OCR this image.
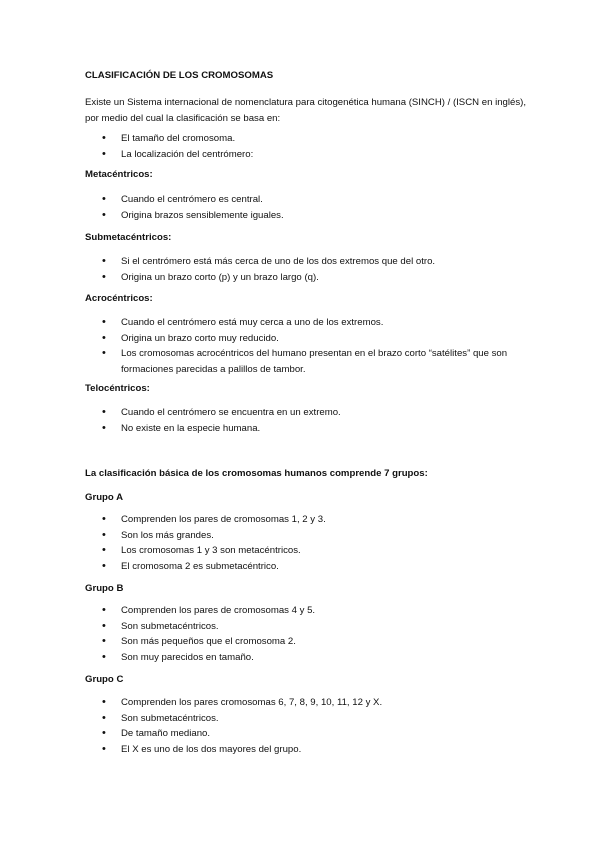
CLASIFICACIÓN DE LOS CROMOSOMAS
Existe un Sistema internacional de nomenclatura para citogenética humana (SINCH) / (ISCN en inglés), por medio del cual la clasificación se basa en:
• El tamaño del cromosoma.
• La localización del centrómero:
Metacéntricos:
• Cuando el centrómero es central.
• Origina brazos sensiblemente iguales.
Submetacéntricos:
• Si el centrómero está más cerca de uno de los dos extremos que del otro.
• Origina un brazo corto (p) y un brazo largo (q).
Acrocéntricos:
• Cuando el centrómero está muy cerca a uno de los extremos.
• Origina un brazo corto muy reducido.
• Los cromosomas acrocéntricos del humano presentan en el brazo corto “satélites” que son formaciones parecidas a palillos de tambor.
Telocéntricos:
• Cuando el centrómero se encuentra en un extremo.
• No existe en la especie humana.
La clasificación básica de los cromosomas humanos comprende 7 grupos:
Grupo A
• Comprenden los pares de cromosomas 1, 2 y 3.
• Son los más grandes.
• Los cromosomas 1 y 3 son metacéntricos.
• El cromosoma 2 es submetacéntrico.
Grupo B
• Comprenden los pares de cromosomas 4 y 5.
• Son submetacéntricos.
• Son más pequeños que el cromosoma 2.
• Son muy parecidos en tamaño.
Grupo C
• Comprenden los pares cromosomas 6, 7, 8, 9, 10, 11, 12 y X.
• Son submetacéntricos.
• De tamaño mediano.
• El X es uno de los dos mayores del grupo.
